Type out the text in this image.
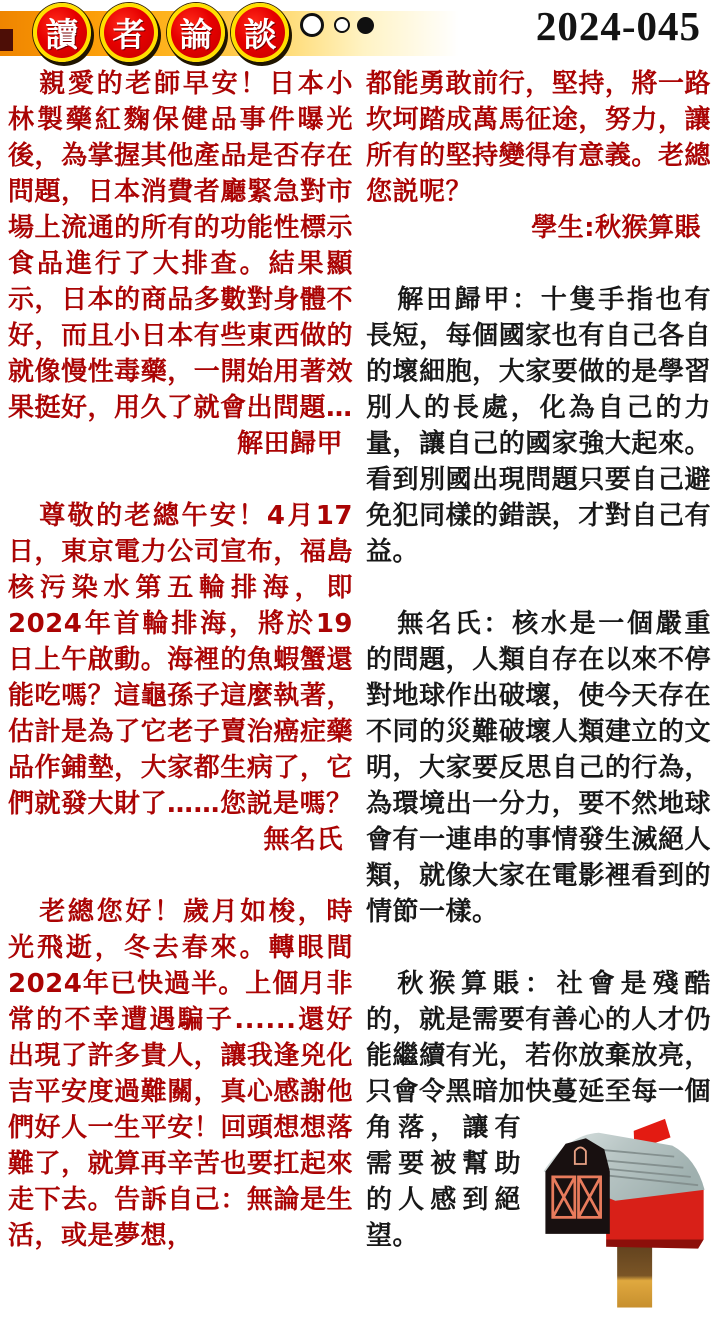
讀	者	論 談	2024-045

親愛的老師早安！日本小林製藥紅麴保健品事件曝光後，為掌握其他產品是否存在問題，日本消費者廳緊急對市場上流通的所有的功能性標示食品進行了大排查。結果顯示，日本的商品多數對身體不好，而且小日本有些東西做的就像慢性毒藥，一開始用著效果挺好，用久了就會出問題…
解田歸甲

尊敬的老總午安！4月17日，東京電力公司宣布，福島核污染水第五輪排海，即2024年首輪排海，將於19日上午啟動。海裡的魚蝦蟹還能吃嗎？這龜孫子這麼執著，估計是為了它老子賣治癌症藥品作鋪墊，大家都生病了，它們就發大財了……您説是嗎？
無名氏

老總您好！歲月如梭，時光飛逝，冬去春來。轉眼間2024年已快過半。上個月非常的不幸遭遇騙子......還好出現了許多貴人，讓我逢兇化吉平安度過難關，真心感謝他們好人一生平安！回頭想想落難了，就算再辛苦也要扛起來走下去。告訴自己：無論是生活，或是夢想，

都能勇敢前行，堅持，將一路坎坷踏成萬馬征途，努力，讓所有的堅持變得有意義。老總您説呢？
學生:秋猴算賬

解田歸甲：十隻手指也有長短，每個國家也有自己各自的壞細胞，大家要做的是學習別人的長處，化為自己的力量，讓自己的國家強大起來。看到別國出現問題只要自己避免犯同樣的錯誤，才對自己有益。

無名氏：核水是一個嚴重的問題，人類自存在以來不停對地球作出破壞，使今天存在不同的災難破壞人類建立的文明，大家要反思自己的行為，為環境出一分力，要不然地球會有一連串的事情發生滅絕人類，就像大家在電影裡看到的情節一樣。

秋猴算賬：社會是殘酷的，就是需要有善心的人才仍能繼續有光，若你放棄放亮，只會令黑暗加快
蔓延至每一個角落，讓有需要被幫助的人感到絕望。
